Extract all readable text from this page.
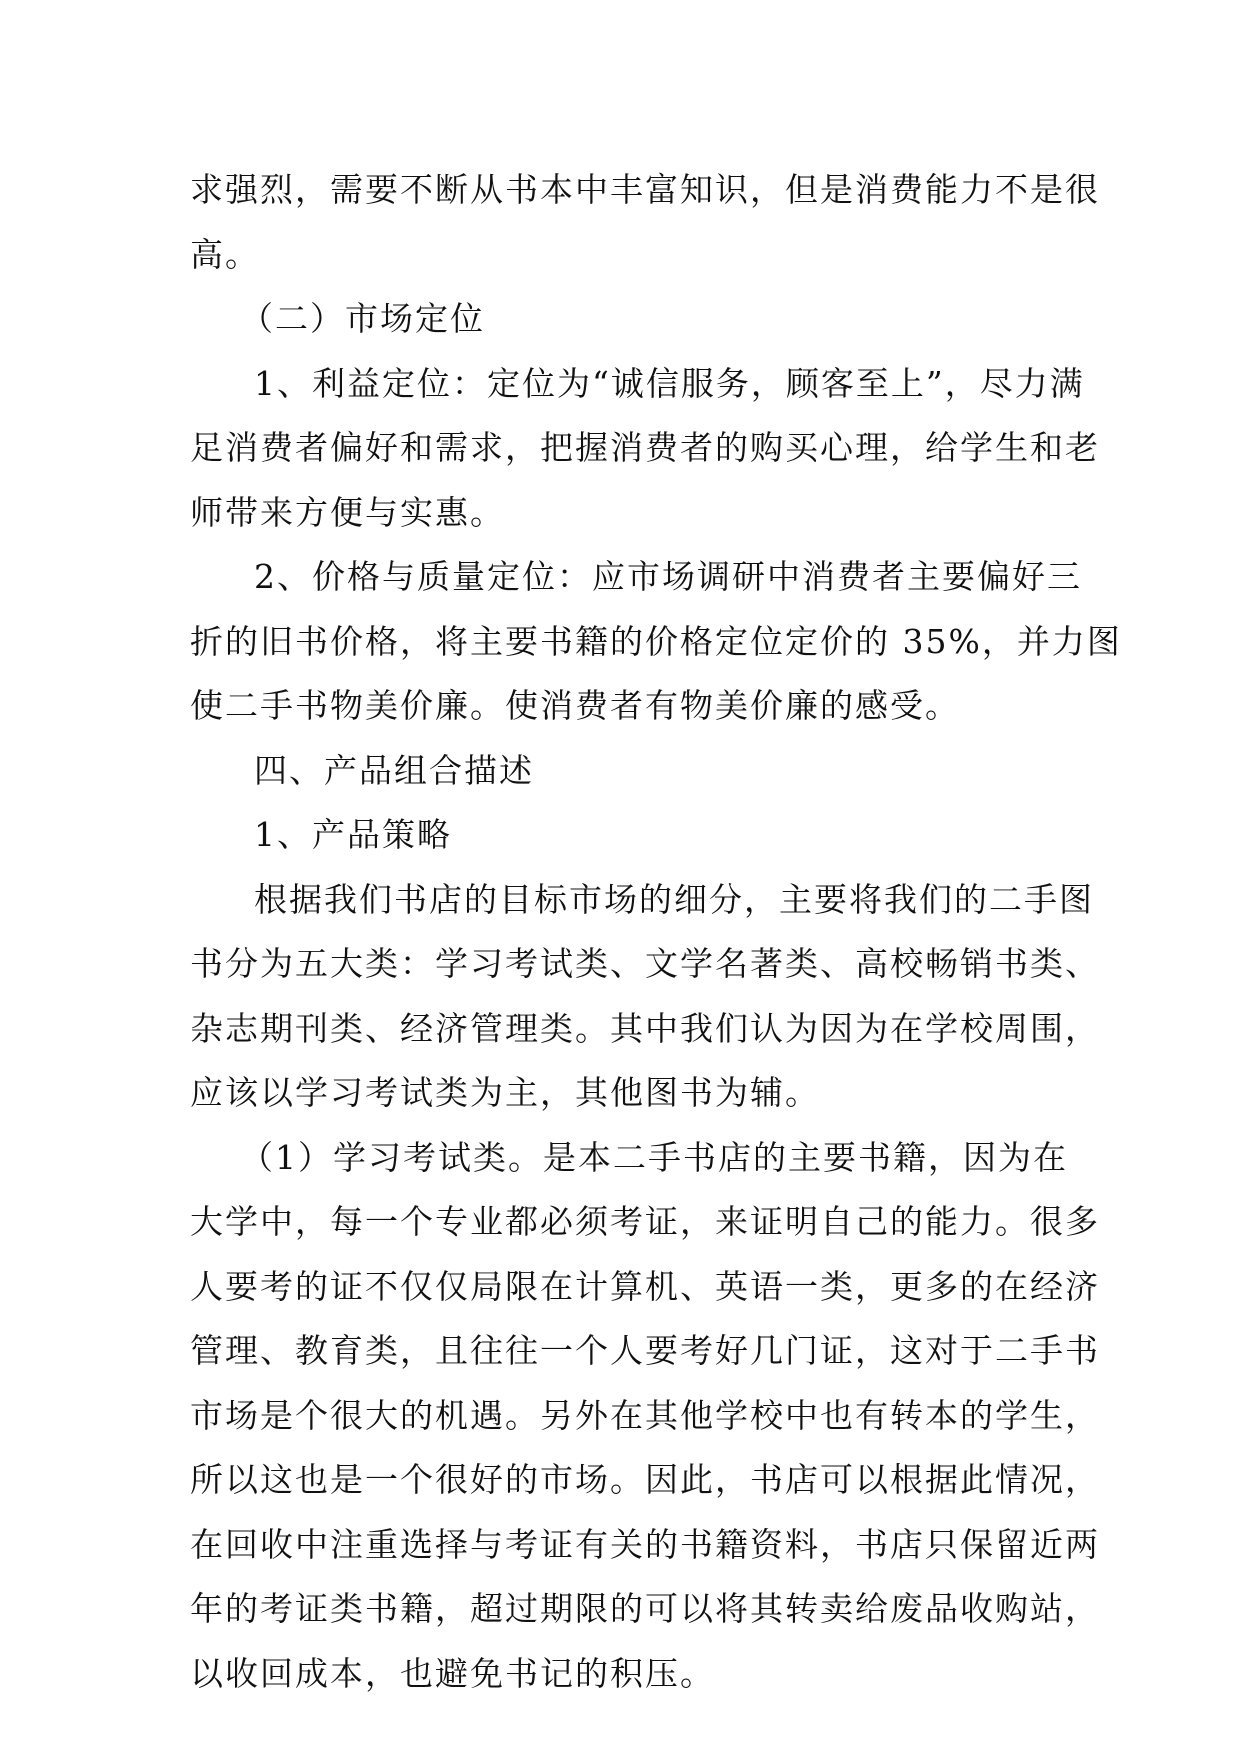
求强烈，需要不断从书本中丰富知识，但是消费能力不是很
高。
（二）市场定位
1、利益定位：定位为“诚信服务，顾客至上”，尽力满
足消费者偏好和需求，把握消费者的购买心理，给学生和老
师带来方便与实惠。
2、价格与质量定位：应市场调研中消费者主要偏好三
折的旧书价格，将主要书籍的价格定位定价的 35%，并力图
使二手书物美价廉。使消费者有物美价廉的感受。
四、产品组合描述
1、产品策略
根据我们书店的目标市场的细分，主要将我们的二手图
书分为五大类：学习考试类、文学名著类、高校畅销书类、
杂志期刊类、经济管理类。其中我们认为因为在学校周围，
应该以学习考试类为主，其他图书为辅。
（1）学习考试类。是本二手书店的主要书籍，因为在
大学中，每一个专业都必须考证，来证明自己的能力。很多
人要考的证不仅仅局限在计算机、英语一类，更多的在经济
管理、教育类，且往往一个人要考好几门证，这对于二手书
市场是个很大的机遇。另外在其他学校中也有转本的学生，
所以这也是一个很好的市场。因此，书店可以根据此情况，
在回收中注重选择与考证有关的书籍资料，书店只保留近两
年的考证类书籍，超过期限的可以将其转卖给废品收购站，
以收回成本，也避免书记的积压。
